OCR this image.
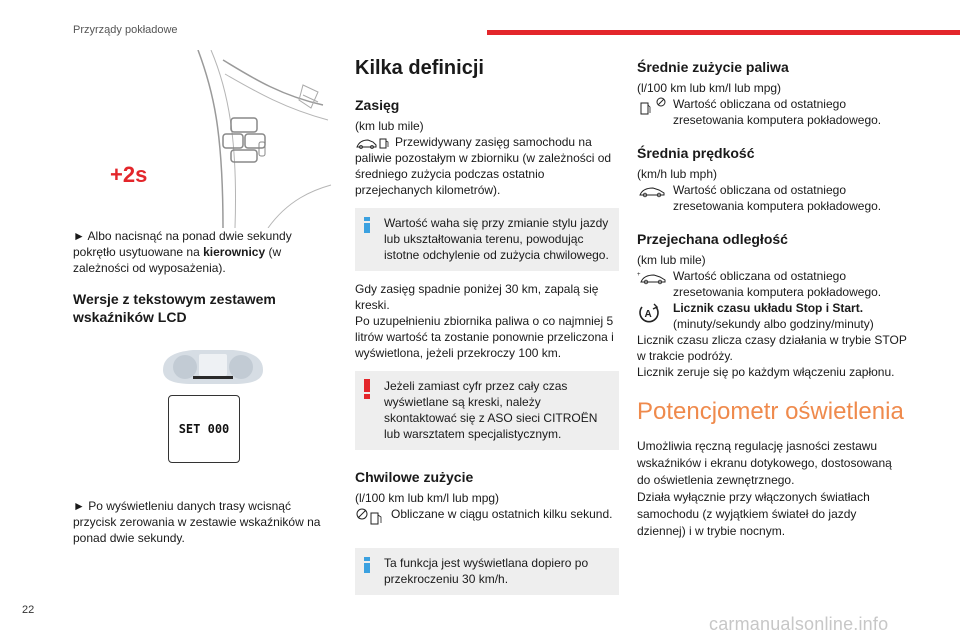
Przyrządy pokładowe
+2s

► Albo nacisnąć na ponad dwie sekundy pokrętło usytuowane na kierownicy (w zależności od wyposażenia).

Wersje z tekstowym zestawem wskaźników LCD
SET 000

► Po wyświetleniu danych trasy wcisnąć przycisk zerowania w zestawie wskaźników na ponad dwie sekundy.

Kilka definicji
Zasięg

(km lub mile)

Przewidywany zasięg samochodu na paliwie pozostałym w zbiorniku (w zależności od średniego zużycia podczas ostatnio przejechanych kilometrów).

Wartość waha się przy zmianie stylu jazdy lub ukształtowania terenu, powodując istotne odchylenie od zużycia chwilowego.

Gdy zasięg spadnie poniżej 30 km, zapalą się kreski.
Po uzupełnieniu zbiornika paliwa o co najmniej 5 litrów wartość ta zostanie ponownie przeliczona i wyświetlona, jeżeli przekroczy 100 km.

Jeżeli zamiast cyfr przez cały czas wyświetlane są kreski, należy skontaktować się z ASO sieci CITROËN lub warsztatem specjalistycznym.
Chwilowe zużycie

(l/100 km lub km/l lub mpg)

Obliczane w ciągu ostatnich kilku sekund.
Ta funkcja jest wyświetlana dopiero po przekroczeniu 30 km/h.
Średnie zużycie paliwa

(l/100 km lub km/l lub mpg)

Wartość obliczana od ostatniego zresetowania komputera pokładowego.
Średnia prędkość

(km/h lub mph)

Wartość obliczana od ostatniego zresetowania komputera pokładowego.
Przejechana odległość

(km lub mile)

+	Wartość obliczana od ostatniego zresetowania komputera pokładowego.
A Licznik czasu układu Stop i Start.
(minuty/sekundy albo godziny/minuty)

Licznik czasu zlicza czasy działania w trybie STOP w trakcie podróży.
Licznik zeruje się po każdym włączeniu zapłonu.

Potencjometr oświetlenia

Umożliwia ręczną regulację jasności zestawu wskaźników i ekranu dotykowego, dostosowaną do oświetlenia zewnętrznego.
Działa wyłącznie przy włączonych światłach samochodu (z wyjątkiem świateł do jazdy dziennej) i w trybie nocnym.

22
carmanualsonline.info
